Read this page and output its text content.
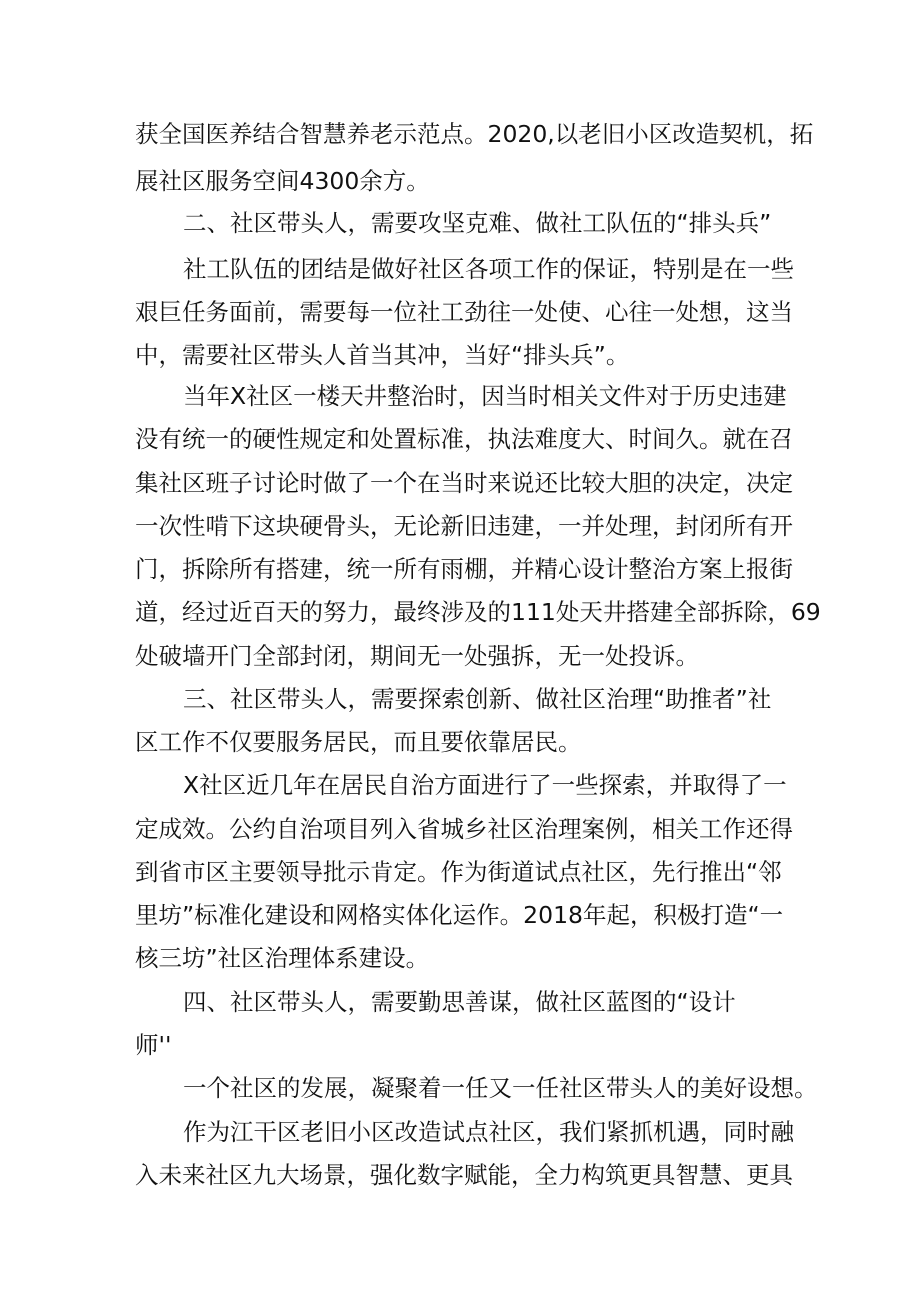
获全国医养结合智慧养老示范点。2020,以老旧小区改造契机，拓
展社区服务空间4300余方。
二、社区带头人，需要攻坚克难、做社工队伍的“排头兵”
社工队伍的团结是做好社区各项工作的保证，特别是在一些
艰巨任务面前，需要每一位社工劲往一处使、心往一处想，这当
中，需要社区带头人首当其冲，当好“排头兵”。
当年X社区一楼天井整治时，因当时相关文件对于历史违建
没有统一的硬性规定和处置标准，执法难度大、时间久。就在召
集社区班子讨论时做了一个在当时来说还比较大胆的决定，决定
一次性啃下这块硬骨头，无论新旧违建，一并处理，封闭所有开
门，拆除所有搭建，统一所有雨棚，并精心设计整治方案上报街
道，经过近百天的努力，最终涉及的111处天井搭建全部拆除，69
处破墙开门全部封闭，期间无一处强拆，无一处投诉。
三、社区带头人，需要探索创新、做社区治理“助推者”社
区工作不仅要服务居民，而且要依靠居民。
X社区近几年在居民自治方面进行了一些探索，并取得了一
定成效。公约自治项目列入省城乡社区治理案例，相关工作还得
到省市区主要领导批示肯定。作为街道试点社区，先行推出“邻
里坊”标准化建设和网格实体化运作。2018年起，积极打造“一
核三坊”社区治理体系建设。
四、社区带头人，需要勤思善谋，做社区蓝图的“设计
师''
一个社区的发展，凝聚着一任又一任社区带头人的美好设想。
作为江干区老旧小区改造试点社区，我们紧抓机遇，同时融
入未来社区九大场景，强化数字赋能，全力构筑更具智慧、更具
